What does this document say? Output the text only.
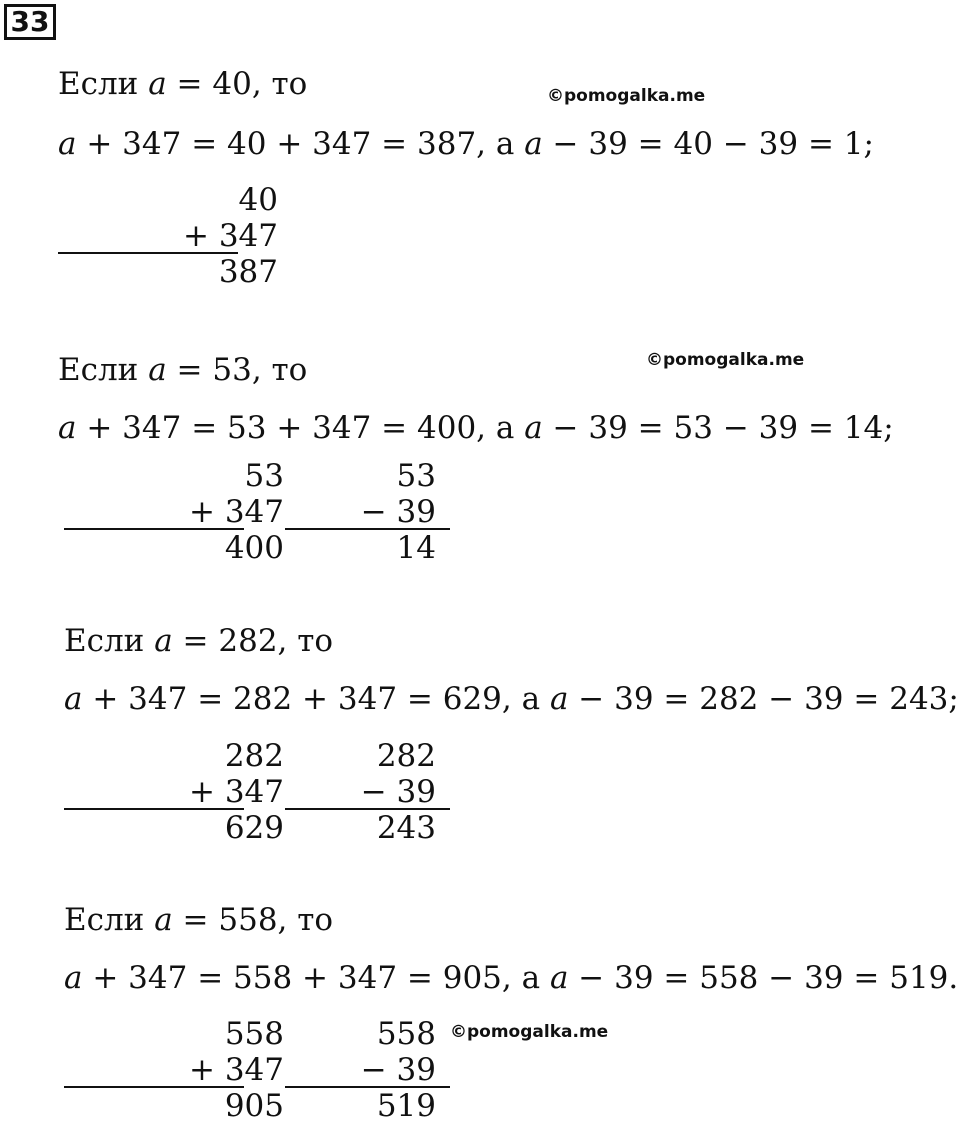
33
Если a = 40, то	©pomogalka.me
a + 347 = 40 + 347 = 387, а a − 39 = 40 − 39 = 1;
40
+ 347
387
Если a = 53, то	©pomogalka.me
a + 347 = 53 + 347 = 400, а a − 39 = 53 − 39 = 14;
53
+ 347
400
53
− 39
14
Если a = 282, то
a + 347 = 282 + 347 = 629, а a − 39 = 282 − 39 = 243;
282
+ 347
629
282
− 39
243
Если a = 558, то
a + 347 = 558 + 347 = 905, а a − 39 = 558 − 39 = 519.
558
+ 347
905
558
− 39
519
©pomogalka.me
